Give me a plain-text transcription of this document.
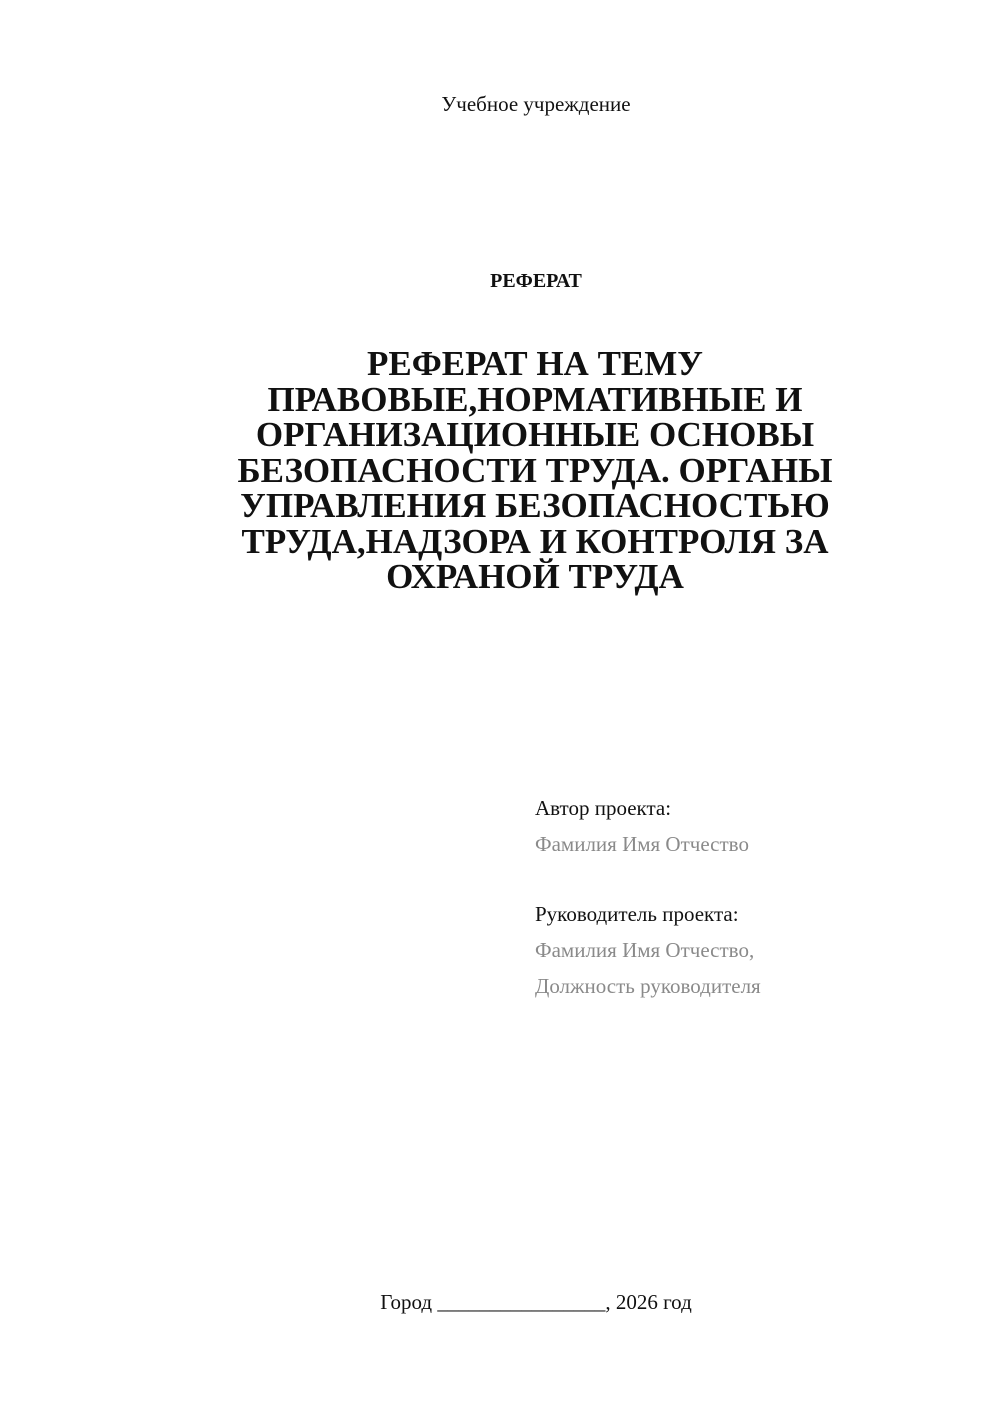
Учебное учреждение
РЕФЕРАТ
РЕФЕРАТ НА ТЕМУ
ПРАВОВЫЕ,НОРМАТИВНЫЕ И
ОРГАНИЗАЦИОННЫЕ ОСНОВЫ
БЕЗОПАСНОСТИ ТРУДА. ОРГАНЫ
УПРАВЛЕНИЯ БЕЗОПАСНОСТЬЮ
ТРУДА,НАДЗОРА И КОНТРОЛЯ ЗА
ОХРАНОЙ ТРУДА
Автор проекта:
Фамилия Имя Отчество
Руководитель проекта:
Фамилия Имя Отчество,
Должность руководителя
Город ________________, 2026 год
